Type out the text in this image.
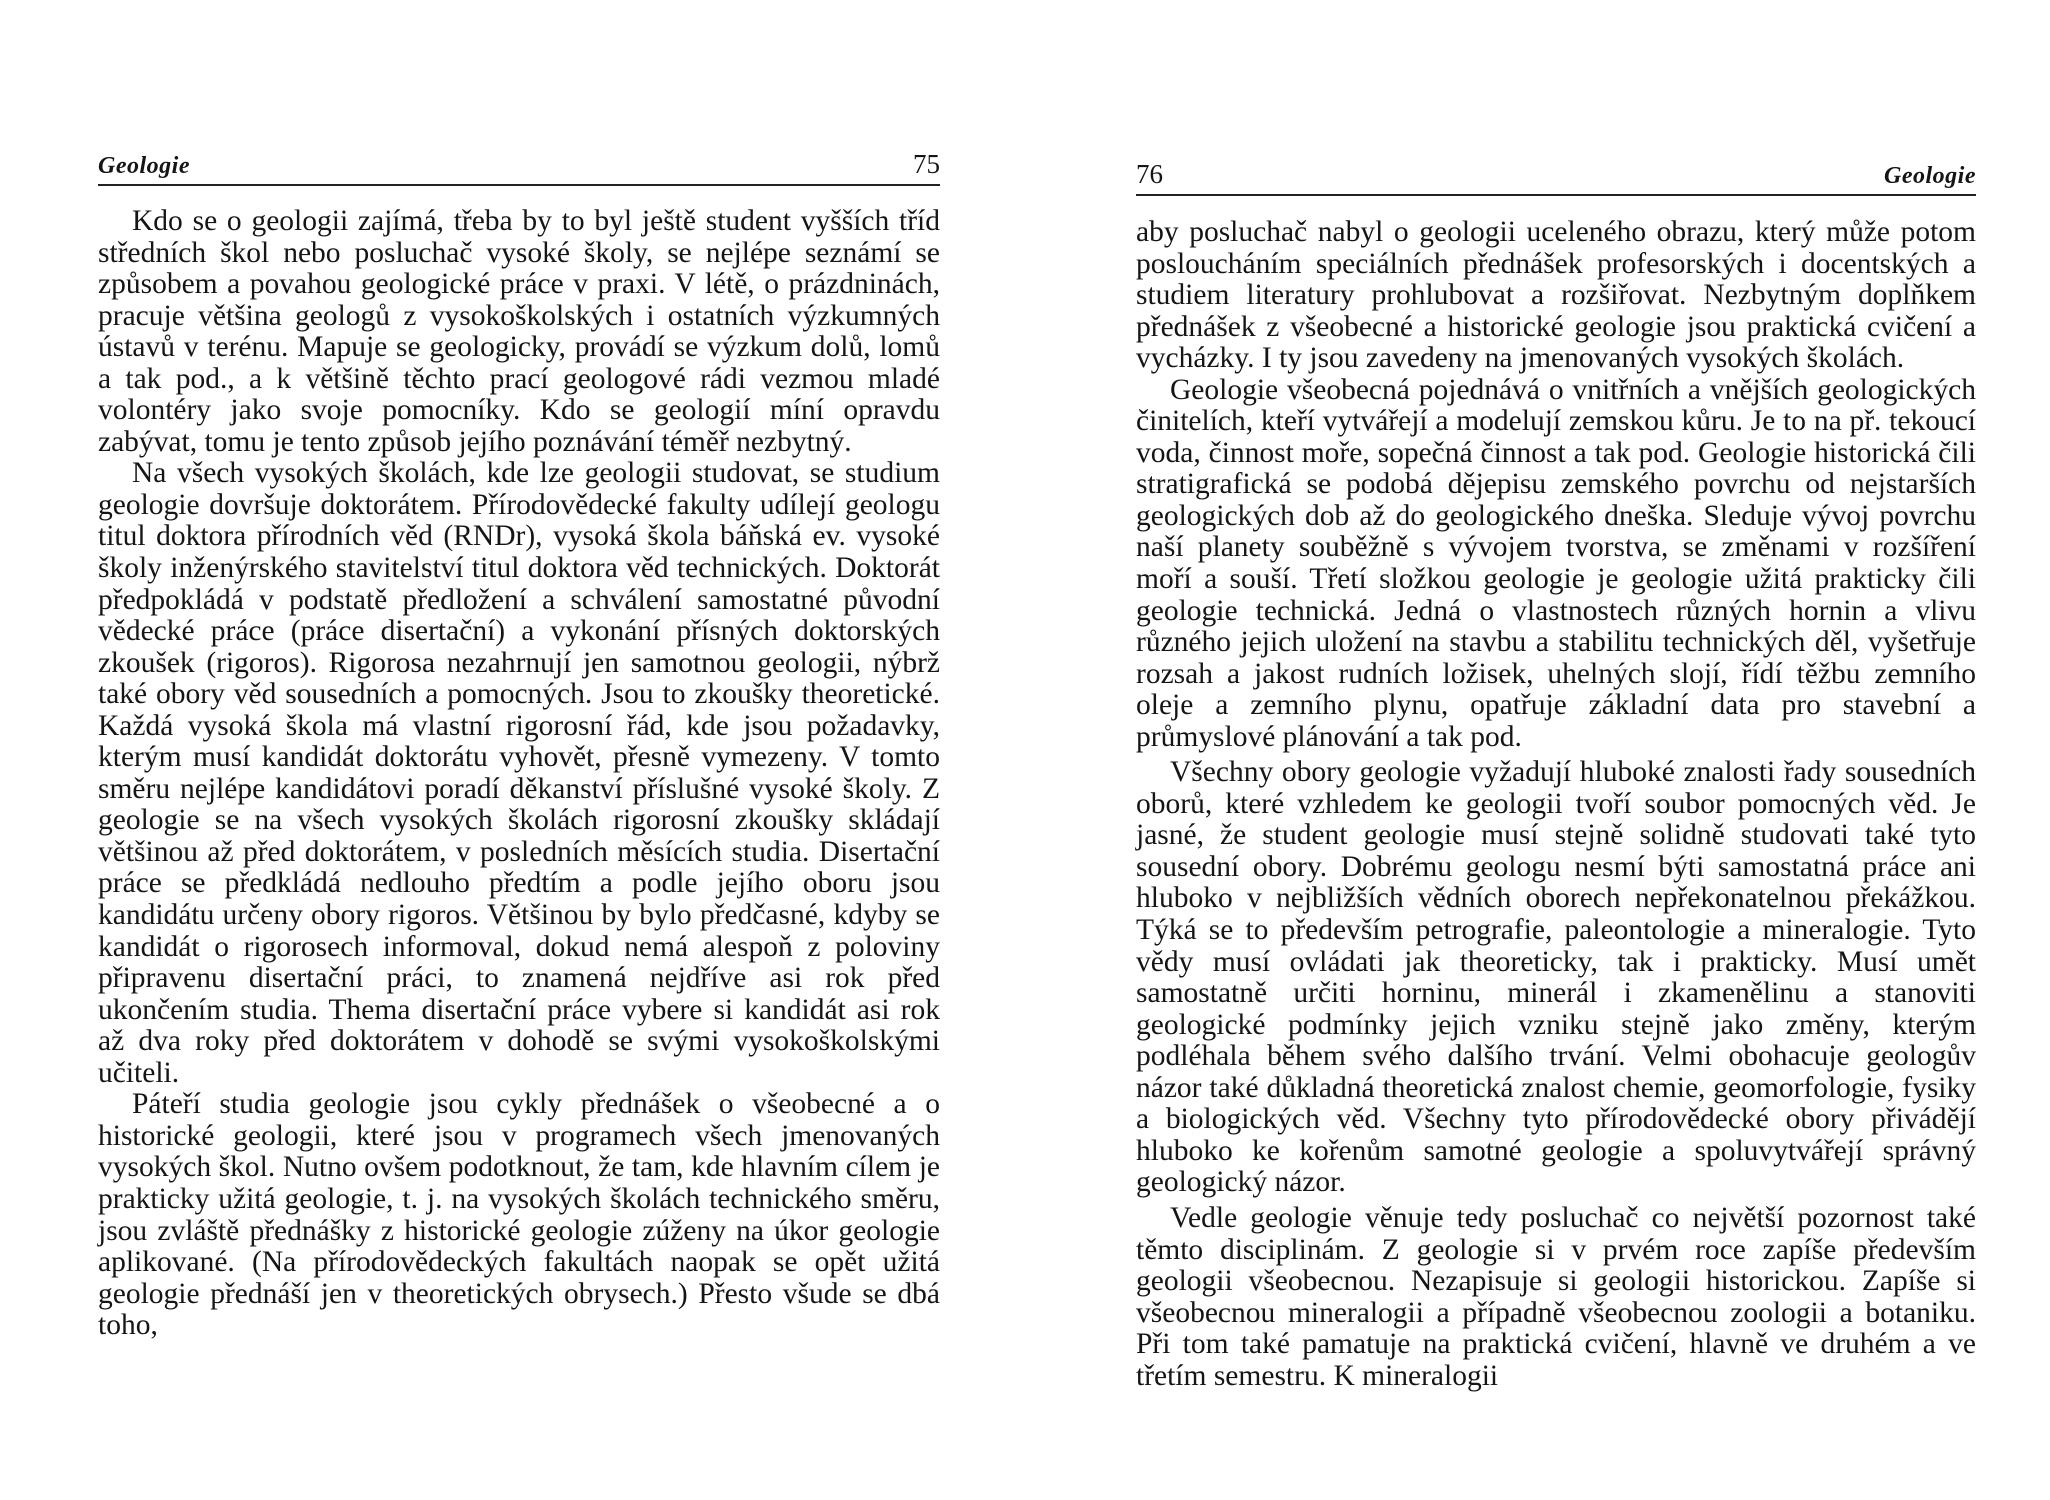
Geologie	75

Kdo se o geologii zajímá, třeba by to byl ještě student vyšších tříd středních škol nebo posluchač vysoké školy, se nejlépe seznámí se způsobem a povahou geologické práce v praxi. V létě, o prázdninách, pracuje většina geologů z vysokoškolských i ostatních výzkumných ústavů v terénu. Mapuje se geologicky, provádí se výzkum dolů, lomů a tak pod., a k většině těchto prací geologové rádi vezmou mladé volontéry jako svoje pomocníky. Kdo se geologií míní opravdu zabývat, tomu je tento způsob jejího poznávání téměř nezbytný.

Na všech vysokých školách, kde lze geologii studovat, se studium geologie dovršuje doktorátem. Přírodovědecké fakulty udílejí geologu titul doktora přírodních věd (RNDr), vysoká škola báňská ev. vysoké školy inženýrského stavitelství titul doktora věd technických. Doktorát předpokládá v podstatě předložení a schválení samostatné původní vědecké práce (práce disertační) a vykonání přísných doktorských zkoušek (rigoros). Rigorosa nezahrnují jen samotnou geologii, nýbrž také obory věd sousedních a pomocných. Jsou to zkoušky theoretické. Každá vysoká škola má vlastní rigorosní řád, kde jsou požadavky, kterým musí kandidát doktorátu vyhovět, přesně vymezeny. V tomto směru nejlépe kandidátovi poradí děkanství příslušné vysoké školy. Z geologie se na všech vysokých školách rigorosní zkoušky skládají většinou až před doktorátem, v posledních měsících studia. Disertační práce se předkládá nedlouho předtím a podle jejího oboru jsou kandidátu určeny obory rigoros. Většinou by bylo předčasné, kdyby se kandidát o rigorosech informoval, dokud nemá alespoň z poloviny připravenu disertační práci, to znamená nejdříve asi rok před ukončením studia. Thema disertační práce vybere si kandidát asi rok až dva roky před doktorátem v dohodě se svými vysokoškolskými učiteli.

Páteří studia geologie jsou cykly přednášek o všeobecné a o historické geologii, které jsou v programech všech jmenovaných vysokých škol. Nutno ovšem podotknout, že tam, kde hlavním cílem je prakticky užitá geologie, t. j. na vysokých školách technického směru, jsou zvláště přednášky z historické geologie zúženy na úkor geologie aplikované. (Na přírodovědeckých fakultách naopak se opět užitá geologie přednáší jen v theoretických obrysech.) Přesto všude se dbá toho,

76	Geologie

aby posluchač nabyl o geologii uceleného obrazu, který může potom posloucháním speciálních přednášek profesorských i docentských a studiem literatury prohlubovat a rozšiřovat. Nezbytným doplňkem přednášek z všeobecné a historické geologie jsou praktická cvičení a vycházky. I ty jsou zavedeny na jmenovaných vysokých školách.

Geologie všeobecná pojednává o vnitřních a vnějších geologických činitelích, kteří vytvářejí a modelují zemskou kůru. Je to na př. tekoucí voda, činnost moře, sopečná činnost a tak pod. Geologie historická čili stratigrafická se podobá dějepisu zemského povrchu od nejstarších geologických dob až do geologického dneška. Sleduje vývoj povrchu naší planety souběžně s vývojem tvorstva, se změnami v rozšíření moří a souší. Třetí složkou geologie je geologie užitá prakticky čili geologie technická. Jedná o vlastnostech různých hornin a vlivu různého jejich uložení na stavbu a stabilitu technických děl, vyšetřuje rozsah a jakost rudních ložisek, uhelných slojí, řídí těžbu zemního oleje a zemního plynu, opatřuje základní data pro stavební a průmyslové plánování a tak pod.

Všechny obory geologie vyžadují hluboké znalosti řady sousedních oborů, které vzhledem ke geologii tvoří soubor pomocných věd. Je jasné, že student geologie musí stejně solidně studovati také tyto sousední obory. Dobrému geologu nesmí býti samostatná práce ani hluboko v nejbližších vědních oborech nepřekonatelnou překážkou. Týká se to především petrografie, paleontologie a mineralogie. Tyto vědy musí ovládati jak theoreticky, tak i prakticky. Musí umět samostatně určiti horninu, minerál i zkamenělinu a stanoviti geologické podmínky jejich vzniku stejně jako změny, kterým podléhala během svého dalšího trvání. Velmi obohacuje geologův názor také důkladná theoretická znalost chemie, geomorfologie, fysiky a biologických věd. Všechny tyto přírodovědecké obory přivádějí hluboko ke kořenům samotné geologie a spoluvytvářejí správný geologický názor.

Vedle geologie věnuje tedy posluchač co největší pozornost také těmto disciplinám. Z geologie si v prvém roce zapíše především geologii všeobecnou. Nezapisuje si geologii historickou. Zapíše si všeobecnou mineralogii a případně všeobecnou zoologii a botaniku. Při tom také pamatuje na praktická cvičení, hlavně ve druhém a ve třetím semestru. K mineralogii
